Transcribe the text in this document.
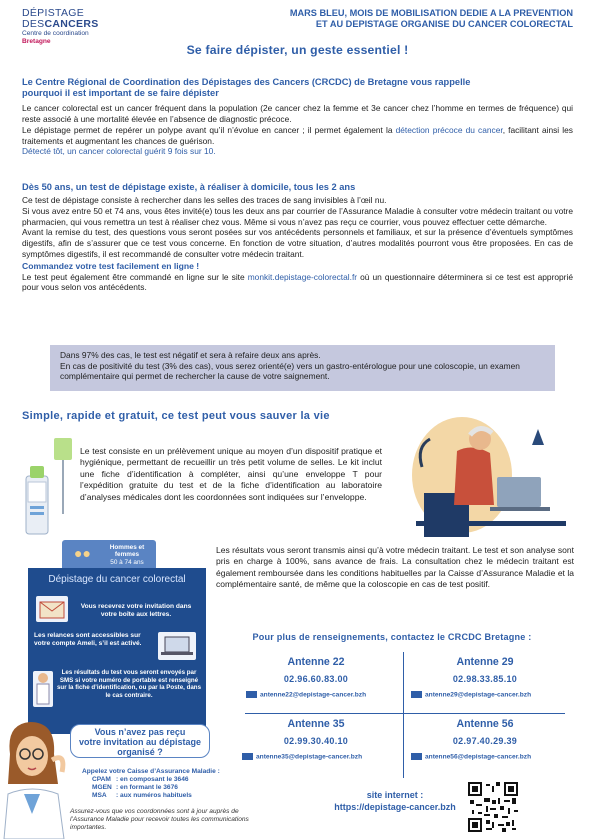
DÉPISTAGE
DESCANCERS
Centre de coordination
Bretagne
MARS BLEU, MOIS DE MOBILISATION DEDIE A LA PREVENTION
ET AU DEPISTAGE ORGANISE DU CANCER COLORECTAL
Se faire dépister, un geste essentiel !
Le Centre Régional de Coordination des Dépistages des Cancers (CRCDC) de Bretagne vous rappelle
pourquoi il est important de se faire dépister

Le cancer colorectal est un cancer fréquent dans la population (2e cancer chez la femme et 3e cancer chez l’homme en termes de fréquence) qui reste associé à une mortalité élevée en l’absence de diagnostic précoce.

Le dépistage permet de repérer un polype avant qu’il n’évolue en cancer ; il permet également la détection précoce du cancer, facilitant ainsi les traitements et augmentant les chances de guérison.

Détecté tôt, un cancer colorectal guérit 9 fois sur 10.

Dès 50 ans, un test de dépistage existe, à réaliser à domicile, tous les 2 ans

Ce test de dépistage consiste à rechercher dans les selles des traces de sang invisibles à l’œil nu.

Si vous avez entre 50 et 74 ans, vous êtes invité(e) tous les deux ans par courrier de l’Assurance Maladie à consulter votre médecin traitant ou votre pharmacien, qui vous remettra un test à réaliser chez vous. Même si vous n’avez pas reçu ce courrier, vous pouvez effectuer cette démarche.

Avant la remise du test, des questions vous seront posées sur vos antécédents personnels et familiaux, et sur la présence d’éventuels symptômes digestifs, afin de s’assurer que ce test vous concerne. En fonction de votre situation, d’autres modalités pourront vous être proposées. En cas de symptômes digestifs, il est recommandé de consulter votre médecin traitant.

Commandez votre test facilement en ligne !

Le test peut également être commandé en ligne sur le site monkit.depistage-colorectal.fr où un questionnaire déterminera si ce test est approprié pour vous selon vos antécédents.

Dans 97% des cas, le test est négatif et sera à refaire deux ans après.
En cas de positivité du test (3% des cas), vous serez orienté(e) vers un gastro-entérologue pour une coloscopie, un examen complémentaire qui permet de rechercher la cause de votre saignement.
Simple, rapide et gratuit, ce test peut vous sauver la vie

Le test consiste en un prélèvement unique au moyen d’un dispositif pratique et hygiénique, permettant de recueillir un très petit volume de selles. Le kit inclut une fiche d’identification à compléter, ainsi qu’une enveloppe T pour l’expédition gratuite du test et de la fiche d’identification au laboratoire d’analyses médicales dont les coordonnées sont indiquées sur l’enveloppe.

●●	Hommes et
femmes
50 à 74 ans
Dépistage du cancer colorectal
Vous recevrez votre invitation dans votre boîte aux lettres.
Les relances sont accessibles sur votre compte Ameli, s’il est activé.
Les résultats du test vous seront envoyés par SMS si votre numéro de portable est renseigné sur la fiche d’identification, ou par la Poste, dans le cas contraire.
Vous n’avez pas reçu
votre invitation au dépistage
organisé ?
Appelez votre Caisse d’Assurance Maladie :
CPAM : en composant le 3646
MGEN : en formant le 3676
MSA : aux numéros habituels
Assurez-vous que vos coordonnées sont à jour auprès de l’Assurance Maladie pour recevoir toutes les communications importantes.

Les résultats vous seront transmis ainsi qu’à votre médecin traitant. Le test et son analyse sont pris en charge à 100%, sans avance de frais. La consultation chez le médecin traitant est également remboursée dans les conditions habituelles par la Caisse d’Assurance Maladie et la complémentaire santé, de même que la coloscopie en cas de test positif.

Pour plus de renseignements, contactez le CRCDC Bretagne :
Antenne 22
02.96.60.83.00
antenne22@depistage-cancer.bzh
Antenne 29
02.98.33.85.10
antenne29@depistage-cancer.bzh
Antenne 35
02.99.30.40.10
antenne35@depistage-cancer.bzh
Antenne 56
02.97.40.29.39
antenne56@depistage-cancer.bzh
site internet :
https://depistage-cancer.bzh
